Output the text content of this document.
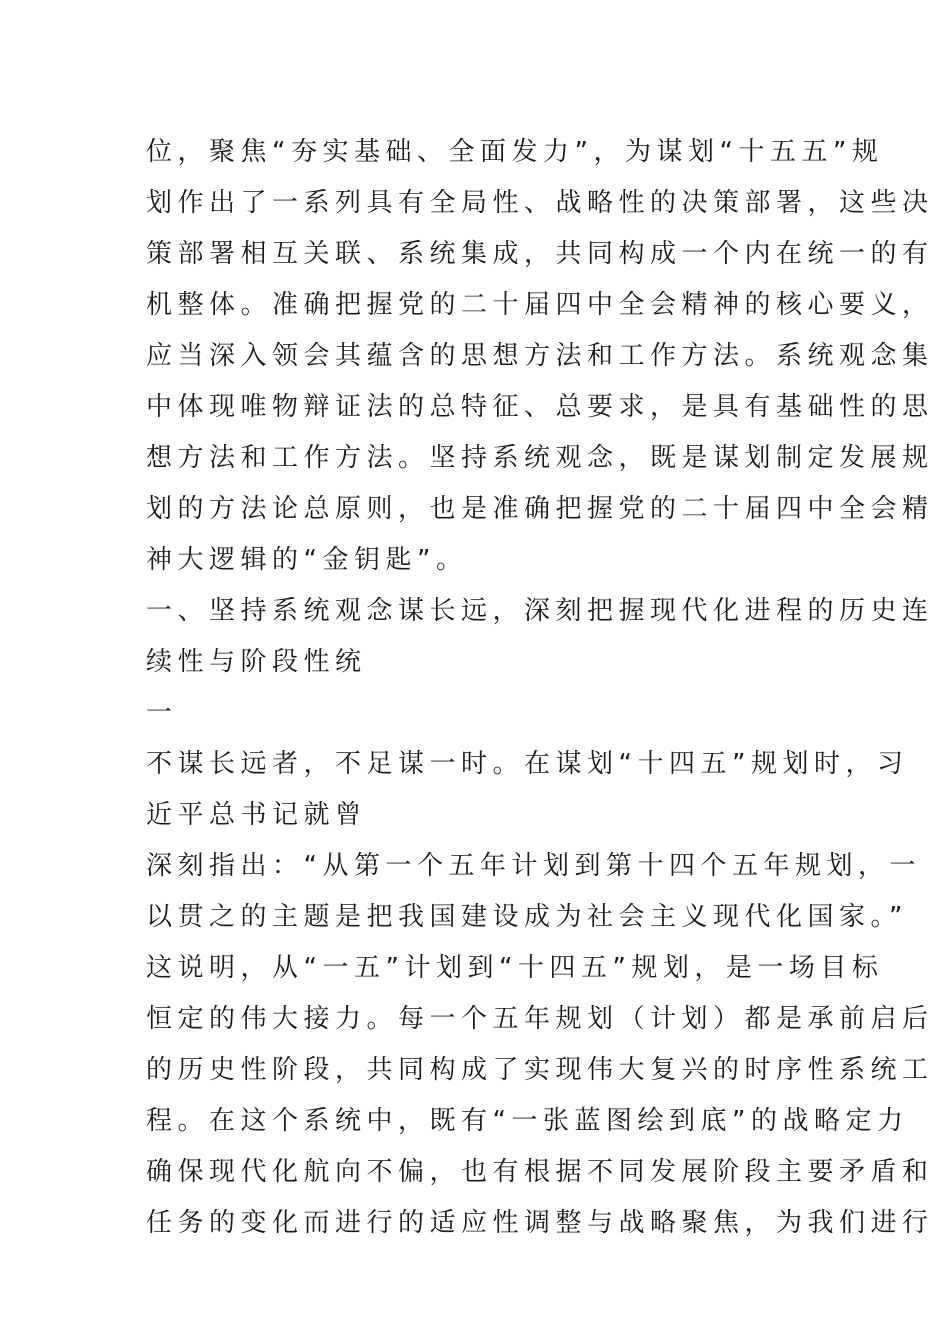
位，聚焦“夯实基础、全面发力”，为谋划“十五五”规
划作出了一系列具有全局性、战略性的决策部署，这些决
策部署相互关联、系统集成，共同构成一个内在统一的有
机整体。准确把握党的二十届四中全会精神的核心要义，
应当深入领会其蕴含的思想方法和工作方法。系统观念集
中体现唯物辩证法的总特征、总要求，是具有基础性的思
想方法和工作方法。坚持系统观念，既是谋划制定发展规
划的方法论总原则，也是准确把握党的二十届四中全会精
神大逻辑的“金钥匙”。
一、坚持系统观念谋长远，深刻把握现代化进程的历史连
续性与阶段性统
一
不谋长远者，不足谋一时。在谋划“十四五”规划时，习
近平总书记就曾
深刻指出：“从第一个五年计划到第十四个五年规划，一
以贯之的主题是把我国建设成为社会主义现代化国家。”
这说明，从“一五”计划到“十四五”规划，是一场目标
恒定的伟大接力。每一个五年规划（计划）都是承前启后
的历史性阶段，共同构成了实现伟大复兴的时序性系统工
程。在这个系统中，既有“一张蓝图绘到底”的战略定力
确保现代化航向不偏，也有根据不同发展阶段主要矛盾和
任务的变化而进行的适应性调整与战略聚焦，为我们进行
